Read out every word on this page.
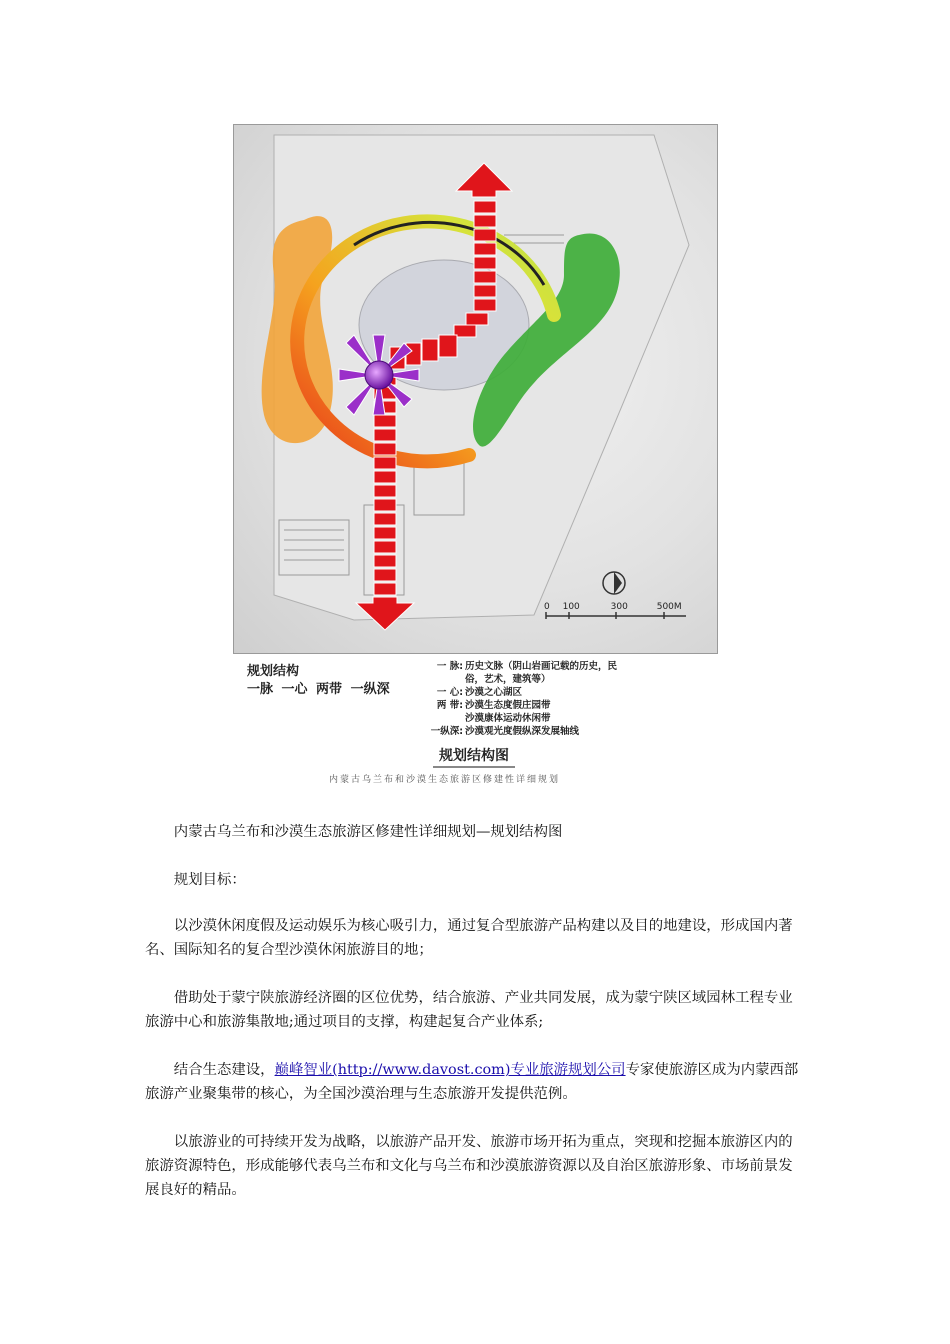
0 100	300	500M
规划结构
一脉 一心 两带 一纵深
一 脉: 历史文脉（阴山岩画记载的历史，民俗，艺术，建筑等）
一 心: 沙漠之心湖区
两 带: 沙漠生态度假庄园带
沙漠康体运动休闲带
一纵深: 沙漠观光度假纵深发展轴线
规划结构图
内蒙古乌兰布和沙漠生态旅游区修建性详细规划

内蒙古乌兰布和沙漠生态旅游区修建性详细规划—规划结构图

规划目标：

以沙漠休闲度假及运动娱乐为核心吸引力，通过复合型旅游产品构建以及目的地建设，形成国内著名、国际知名的复合型沙漠休闲旅游目的地；

借助处于蒙宁陕旅游经济圈的区位优势，结合旅游、产业共同发展，成为蒙宁陕区域园林工程专业旅游中心和旅游集散地;通过项目的支撑，构建起复合产业体系;

结合生态建设，巅峰智业(http://www.davost.com)专业旅游规划公司专家使旅游区成为内蒙西部旅游产业聚集带的核心，为全国沙漠治理与生态旅游开发提供范例。

以旅游业的可持续开发为战略，以旅游产品开发、旅游市场开拓为重点，突现和挖掘本旅游区内的旅游资源特色，形成能够代表乌兰布和文化与乌兰布和沙漠旅游资源以及自治区旅游形象、市场前景发展良好的精品。
